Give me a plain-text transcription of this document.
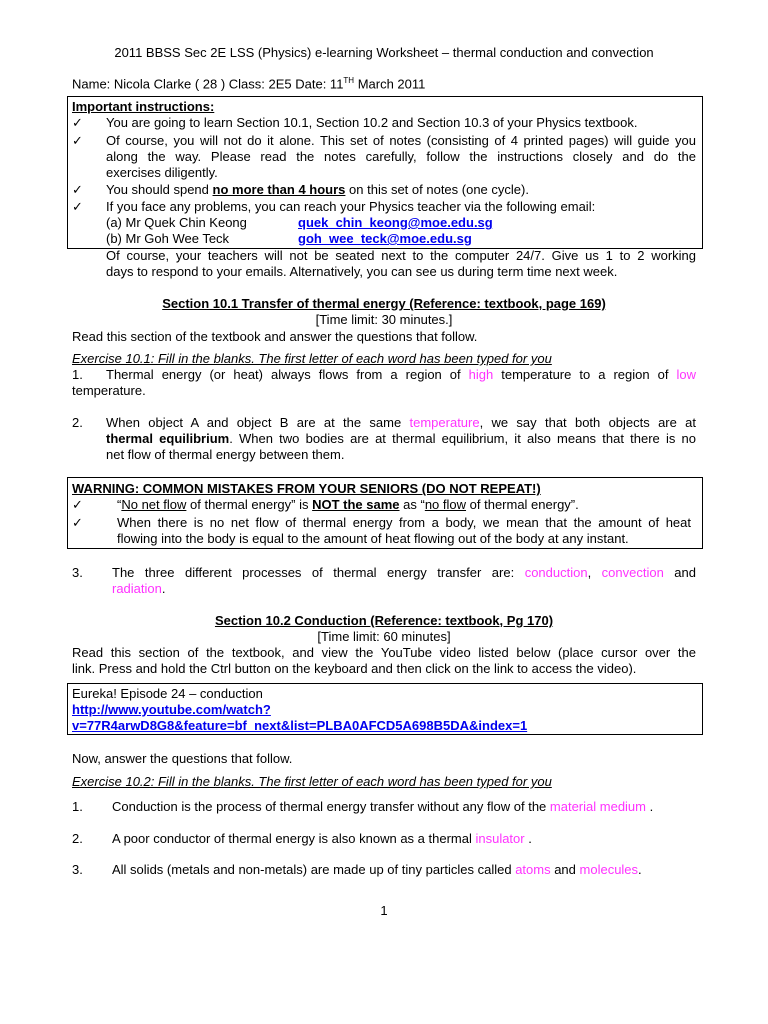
2011 BBSS Sec 2E LSS (Physics) e-learning Worksheet – thermal conduction and convection
Name: Nicola Clarke ( 28 ) Class: 2E5 Date: 11TH March 2011
Important instructions:
✓ You are going to learn Section 10.1, Section 10.2 and Section 10.3 of your Physics textbook.
✓ Of course, you will not do it alone. This set of notes (consisting of 4 printed pages) will guide you
along the way. Please read the notes carefully, follow the instructions closely and do the
exercises diligently.
✓ You should spend no more than 4 hours on this set of notes (one cycle).
✓ If you face any problems, you can reach your Physics teacher via the following email:
(a) Mr Quek Chin Keong	quek_chin_keong@moe.edu.sg
(b) Mr Goh Wee Teck	goh_wee_teck@moe.edu.sg
Of course, your teachers will not be seated next to the computer 24/7. Give us 1 to 2 working
days to respond to your emails. Alternatively, you can see us during term time next week.
Section 10.1 Transfer of thermal energy (Reference: textbook, page 169)
[Time limit: 30 minutes.]
Read this section of the textbook and answer the questions that follow.
Exercise 10.1: Fill in the blanks. The first letter of each word has been typed for you
1. Thermal energy (or heat) always flows from a region of high temperature to a region of low
temperature.
2. When object A and object B are at the same temperature, we say that both objects are at
thermal equilibrium. When two bodies are at thermal equilibrium, it also means that there is no
net flow of thermal energy between them.
WARNING: COMMON MISTAKES FROM YOUR SENIORS (DO NOT REPEAT!)
✓	“No net flow of thermal energy” is NOT the same as “no flow of thermal energy”.
✓	When there is no net flow of thermal energy from a body, we mean that the amount of heat
flowing into the body is equal to the amount of heat flowing out of the body at any instant.
3. The three different processes of thermal energy transfer are: conduction, convection and
radiation.
Section 10.2 Conduction (Reference: textbook, Pg 170)
[Time limit: 60 minutes]
Read this section of the textbook, and view the YouTube video listed below (place cursor over the
link. Press and hold the Ctrl button on the keyboard and then click on the link to access the video).
Eureka! Episode 24 – conduction
http://www.youtube.com/watch?
v=77R4arwD8G8&feature=bf_next&list=PLBA0AFCD5A698B5DA&index=1
Now, answer the questions that follow.
Exercise 10.2: Fill in the blanks. The first letter of each word has been typed for you
1. Conduction is the process of thermal energy transfer without any flow of the material medium .
2. A poor conductor of thermal energy is also known as a thermal insulator .
3. All solids (metals and non-metals) are made up of tiny particles called atoms and molecules.
1
